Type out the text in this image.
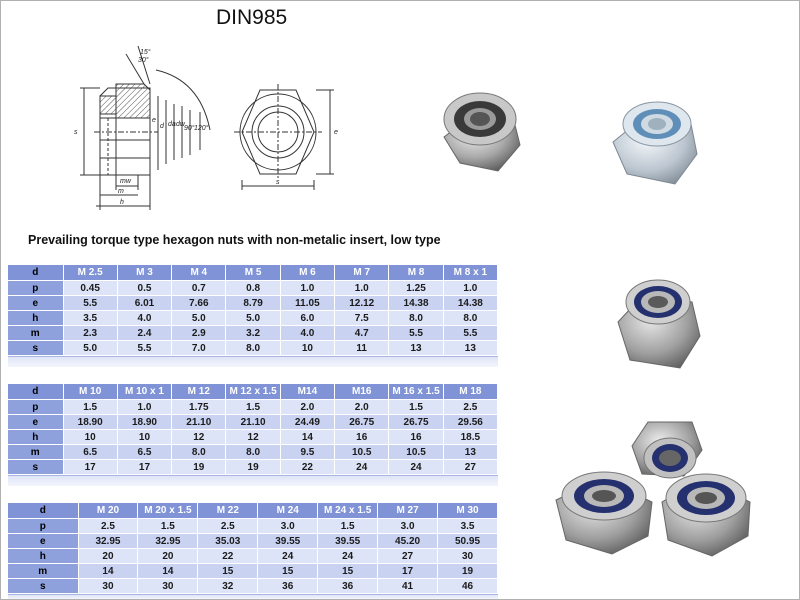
DIN985
15°
30°
e
d da dw
90° 120°
mw
m
h
s	e
s
Prevailing torque type hexagon nuts with non-metalic insert, low type
d	M 2.5	M 3	M 4	M 5	M 6	M 7	M 8	M 8 x 1
p	0.45	0.5	0.7	0.8	1.0	1.0	1.25	1.0
e	5.5	6.01	7.66	8.79	11.05	12.12	14.38	14.38
h	3.5	4.0	5.0	5.0	6.0	7.5	8.0	8.0
m	2.3	2.4	2.9	3.2	4.0	4.7	5.5	5.5
s	5.0	5.5	7.0	8.0	10	11	13	13
d	M 10	M 10 x 1	M 12	M 12 x 1.5	M14	M16	M 16 x 1.5	M 18
p	1.5	1.0	1.75	1.5	2.0	2.0	1.5	2.5
e	18.90	18.90	21.10	21.10	24.49	26.75	26.75	29.56
h	10	10	12	12	14	16	16	18.5
m	6.5	6.5	8.0	8.0	9.5	10.5	10.5	13
s	17	17	19	19	22	24	24	27
d	M 20	M 20 x 1.5	M 22	M 24	M 24 x 1.5	M 27	M 30
p	2.5	1.5	2.5	3.0	1.5	3.0	3.5
e	32.95	32.95	35.03	39.55	39.55	45.20	50.95
h	20	20	22	24	24	27	30
m	14	14	15	15	15	17	19
s	30	30	32	36	36	41	46
